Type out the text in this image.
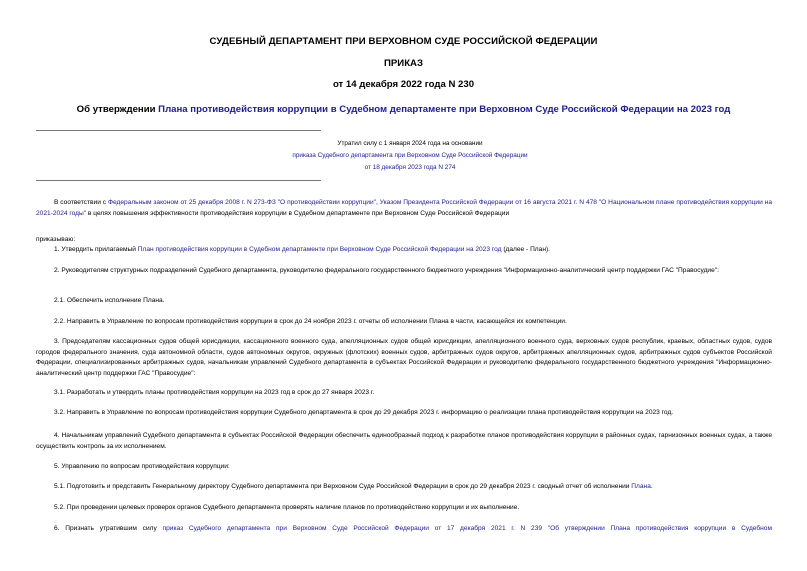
СУДЕБНЫЙ ДЕПАРТАМЕНТ ПРИ ВЕРХОВНОМ СУДЕ РОССИЙСКОЙ ФЕДЕРАЦИИ
ПРИКАЗ
от 14 декабря 2022 года N 230
Об утверждении Плана противодействия коррупции в Судебном департаменте при Верховном Суде Российской Федерации на 2023 год
Утратил силу с 1 января 2024 года на основании
приказа Судебного департамента при Верховном Суде Российской Федерации
от 18 декабря 2023 года N 274
В соответствии с Федеральным законом от 25 декабря 2008 г. N 273-ФЗ "О противодействии коррупции", Указом Президента Российской Федерации от 16 августа 2021 г. N 478 "О Национальном плане противодействия коррупции на 2021-2024 годы" в целях повышения эффективности противодействия коррупции в Судебном департаменте при Верховном Суде Российской Федерации
приказываю:
1. Утвердить прилагаемый План противодействия коррупции в Судебном департаменте при Верховном Суде Российской Федерации на 2023 год (далее - План).
2. Руководителям структурных подразделений Судебного департамента, руководителю федерального государственного бюджетного учреждения "Информационно-аналитический центр поддержки ГАС "Правосудие":
2.1. Обеспечить исполнение Плана.
2.2. Направить в Управление по вопросам противодействия коррупции в срок до 24 ноября 2023 г. отчеты об исполнении Плана в части, касающейся их компетенции.
3. Председателям кассационных судов общей юрисдикции, кассационного военного суда, апелляционных судов общей юрисдикции, апелляционного военного суда, верховных судов республик, краевых, областных судов, судов городов федерального значения, суда автономной области, судов автономных округов, окружных (флотских) военных судов, арбитражных судов округов, арбитражных апелляционных судов, арбитражных судов субъектов Российской Федерации, специализированных арбитражных судов, начальникам управлений Судебного департамента в субъектах Российской Федерации и руководителю федерального государственного бюджетного учреждения "Информационно-аналитический центр поддержки ГАС "Правосудие":
3.1. Разработать и утвердить планы противодействия коррупции на 2023 год в срок до 27 января 2023 г.
3.2. Направить в Управление по вопросам противодействия коррупции Судебного департамента в срок до 29 декабря 2023 г. информацию о реализации плана противодействия коррупции на 2023 год.
4. Начальникам управлений Судебного департамента в субъектах Российской Федерации обеспечить единообразный подход к разработке планов противодействия коррупции в районных судах, гарнизонных военных судах, а также осуществить контроль за их исполнением.
5. Управлению по вопросам противодействия коррупции:
5.1. Подготовить и представить Генеральному директору Судебного департамента при Верховном Суде Российской Федерации в срок до 29 декабря 2023 г. сводный отчет об исполнении Плана.
5.2. При проведении целевых проверок органов Судебного департамента проверять наличие планов по противодействию коррупции и их выполнение.
6. Признать утратившим силу приказ Судебного департамента при Верховном Суде Российской Федерации от 17 декабря 2021 г. N 239 "Об утверждении Плана противодействия коррупции в Судебном
